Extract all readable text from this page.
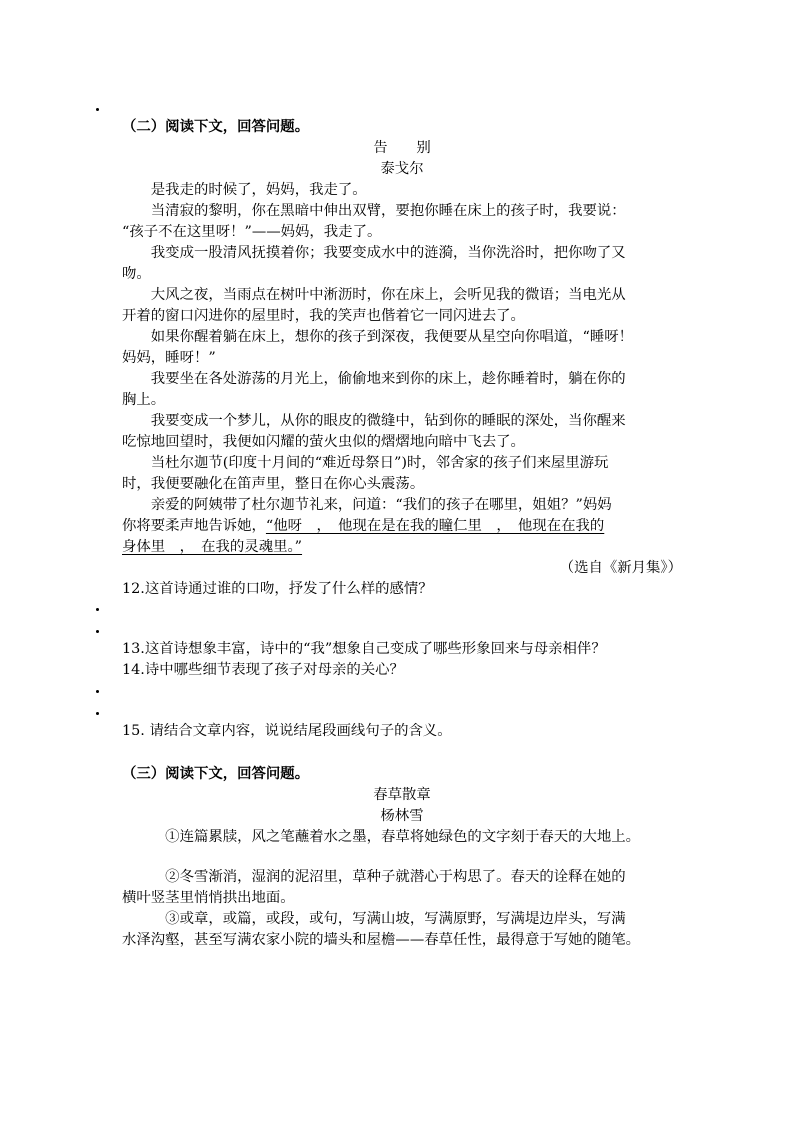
（二）阅读下文，回答问题。
告　　别
泰戈尔
　　是我走的时候了，妈妈，我走了。
　　当清寂的黎明，你在黑暗中伸出双臂，要抱你睡在床上的孩子时，我要说：
“孩子不在这里呀！”——妈妈，我走了。
　　我变成一股清风抚摸着你；我要变成水中的涟漪，当你洗浴时，把你吻了又
吻。
　　大风之夜，当雨点在树叶中淅沥时，你在床上，会听见我的微语；当电光从
开着的窗口闪进你的屋里时，我的笑声也偕着它一同闪进去了。
　　如果你醒着躺在床上，想你的孩子到深夜，我便要从星空向你唱道，“睡呀！
妈妈，睡呀！”
　　我要坐在各处游荡的月光上，偷偷地来到你的床上，趁你睡着时，躺在你的
胸上。
　　我要变成一个梦儿，从你的眼皮的微缝中，钻到你的睡眠的深处，当你醒来
吃惊地回望时，我便如闪耀的萤火虫似的熠熠地向暗中飞去了。
　　当杜尔迦节(印度十月间的“难近母祭日”)时，邻舍家的孩子们来屋里游玩
时，我便要融化在笛声里，整日在你心头震荡。
　　亲爱的阿姨带了杜尔迦节礼来，问道：“我们的孩子在哪里，姐姐？”妈妈
你将要柔声地告诉她，“他呀　，　他现在是在我的瞳仁里　，　他现在在我的
身体里　，　在我的灵魂里。”
（选自《新月集》）
12.这首诗通过谁的口吻，抒发了什么样的感情？
13.这首诗想象丰富，诗中的“我”想象自己变成了哪些形象回来与母亲相伴？
14.诗中哪些细节表现了孩子对母亲的关心？
15. 请结合文章内容，说说结尾段画线句子的含义。
（三）阅读下文，回答问题。
春草散章
杨林雪
　　　①连篇累牍，风之笔蘸着水之墨，春草将她绿色的文字刻于春天的大地上。
　　　②冬雪渐消，湿润的泥沼里，草种子就潜心于构思了。春天的诠释在她的
横叶竖茎里悄悄拱出地面。
　　　③或章，或篇，或段，或句，写满山坡，写满原野，写满堤边岸头，写满
水泽沟壑，甚至写满农家小院的墙头和屋檐——春草任性，最得意于写她的随笔。
